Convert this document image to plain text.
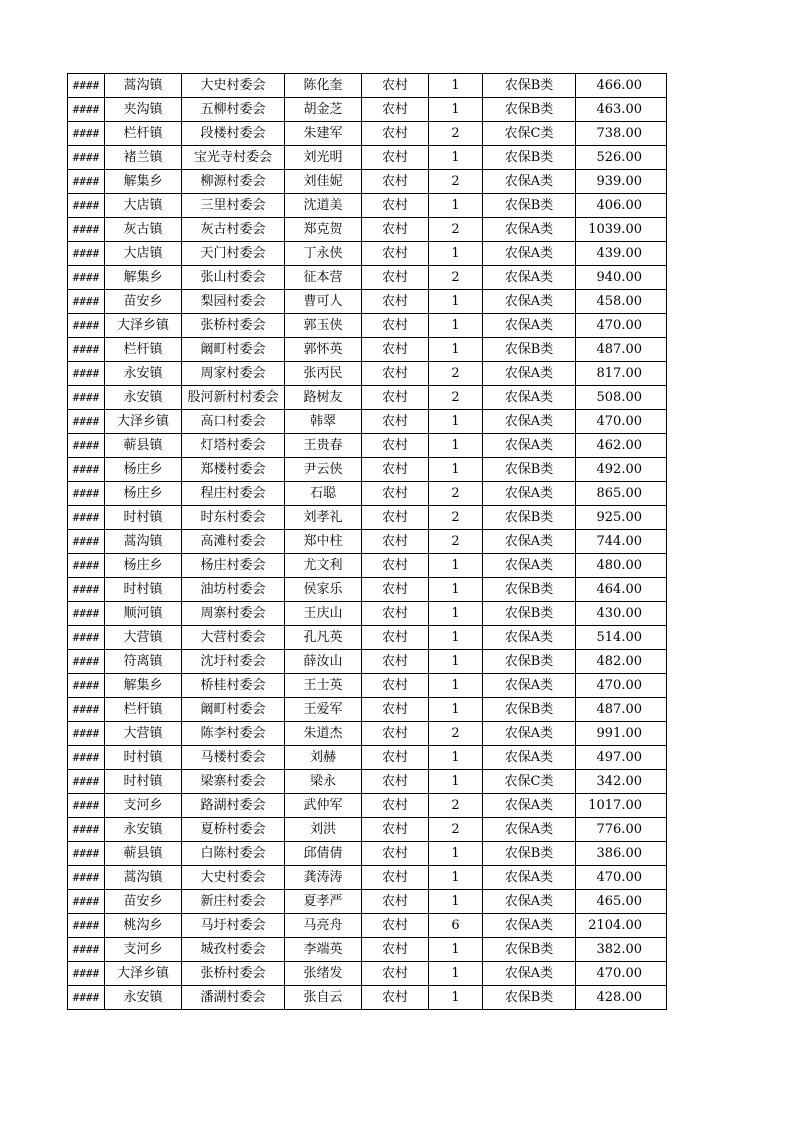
####	蒿沟镇	大史村委会	陈化奎	农村	1	农保B类	466.00
####	夹沟镇	五柳村委会	胡金芝	农村	1	农保B类	463.00
####	栏杆镇	段楼村委会	朱建军	农村	2	农保C类	738.00
####	褚兰镇	宝光寺村委会	刘光明	农村	1	农保B类	526.00
####	解集乡	柳源村委会	刘佳妮	农村	2	农保A类	939.00
####	大店镇	三里村委会	沈道美	农村	1	农保B类	406.00
####	灰古镇	灰古村委会	郑克贺	农村	2	农保A类	1039.00
####	大店镇	天门村委会	丁永侠	农村	1	农保A类	439.00
####	解集乡	张山村委会	征本营	农村	2	农保A类	940.00
####	苗安乡	梨园村委会	曹可人	农村	1	农保A类	458.00
####	大泽乡镇	张桥村委会	郭玉侠	农村	1	农保A类	470.00
####	栏杆镇	阚町村委会	郭怀英	农村	1	农保B类	487.00
####	永安镇	周家村委会	张丙民	农村	2	农保A类	817.00
####	永安镇	股河新村村委会	路树友	农村	2	农保A类	508.00
####	大泽乡镇	高口村委会	韩翠	农村	1	农保A类	470.00
####	蕲县镇	灯塔村委会	王贵春	农村	1	农保A类	462.00
####	杨庄乡	郑楼村委会	尹云侠	农村	1	农保B类	492.00
####	杨庄乡	程庄村委会	石聪	农村	2	农保A类	865.00
####	时村镇	时东村委会	刘孝礼	农村	2	农保B类	925.00
####	蒿沟镇	高滩村委会	郑中柱	农村	2	农保A类	744.00
####	杨庄乡	杨庄村委会	尤文利	农村	1	农保A类	480.00
####	时村镇	油坊村委会	侯家乐	农村	1	农保B类	464.00
####	顺河镇	周寨村委会	王庆山	农村	1	农保B类	430.00
####	大营镇	大营村委会	孔凡英	农村	1	农保A类	514.00
####	符离镇	沈圩村委会	薛汝山	农村	1	农保B类	482.00
####	解集乡	桥桂村委会	王士英	农村	1	农保A类	470.00
####	栏杆镇	阚町村委会	王爱军	农村	1	农保B类	487.00
####	大营镇	陈李村委会	朱道杰	农村	2	农保A类	991.00
####	时村镇	马楼村委会	刘赫	农村	1	农保A类	497.00
####	时村镇	梁寨村委会	梁永	农村	1	农保C类	342.00
####	支河乡	路湖村委会	武仲军	农村	2	农保A类	1017.00
####	永安镇	夏桥村委会	刘洪	农村	2	农保A类	776.00
####	蕲县镇	白陈村委会	邱倩倩	农村	1	农保B类	386.00
####	蒿沟镇	大史村委会	龚涛涛	农村	1	农保A类	470.00
####	苗安乡	新庄村委会	夏孝严	农村	1	农保A类	465.00
####	桃沟乡	马圩村委会	马亮舟	农村	6	农保A类	2104.00
####	支河乡	城孜村委会	李端英	农村	1	农保B类	382.00
####	大泽乡镇	张桥村委会	张绪发	农村	1	农保A类	470.00
####	永安镇	潘湖村委会	张自云	农村	1	农保B类	428.00
